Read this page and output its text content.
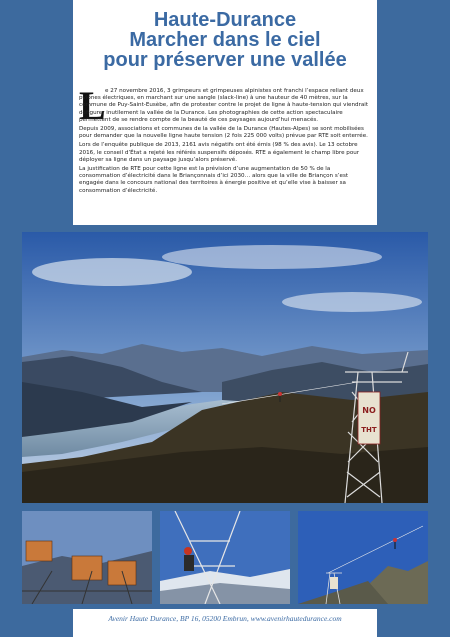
Haute-Durance
Marcher dans le ciel
pour préserver une vallée
L e 27 novembre 2016, 3 grimpeurs et grimpeuses alpinistes ont franchi l’espace reliant deux pylônes électriques, en marchant sur une sangle (slack-line) à une hauteur de 40 mètres, sur la commune de Puy-Saint-Eusèbe, afin de protester contre le projet de ligne à haute-tension qui viendrait défigurer inutilement la vallée de la Durance. Les photographies de cette action spectaculaire permettent de se rendre compte de la beauté de ces paysages aujourd’hui menacés.

Depuis 2009, associations et communes de la vallée de la Durance (Hautes-Alpes) se sont mobilisées pour demander que la nouvelle ligne haute tension (2 fois 225 000 volts) prévue par RTE soit enterrée.

Lors de l’enquête publique de 2013, 2161 avis négatifs ont été émis (98 % des avis). Le 13 octobre 2016, le conseil d’État a rejeté les référés suspensifs déposés. RTE a également le champ libre pour déployer sa ligne dans un paysage jusqu’alors préservé.

La justification de RTE pour cette ligne est la prévision d’une augmentation de 50 % de la consommation d’électricité dans le Briançonnais d’ici 2030… alors que la ville de Briançon s’est engagée dans le concours national des territoires à énergie positive et qu’elle vise à baisser sa consommation d’électricité.

NO
THT
Avenir Haute Durance, BP 16, 05200 Embrun, www.avenirhautedurance.com
